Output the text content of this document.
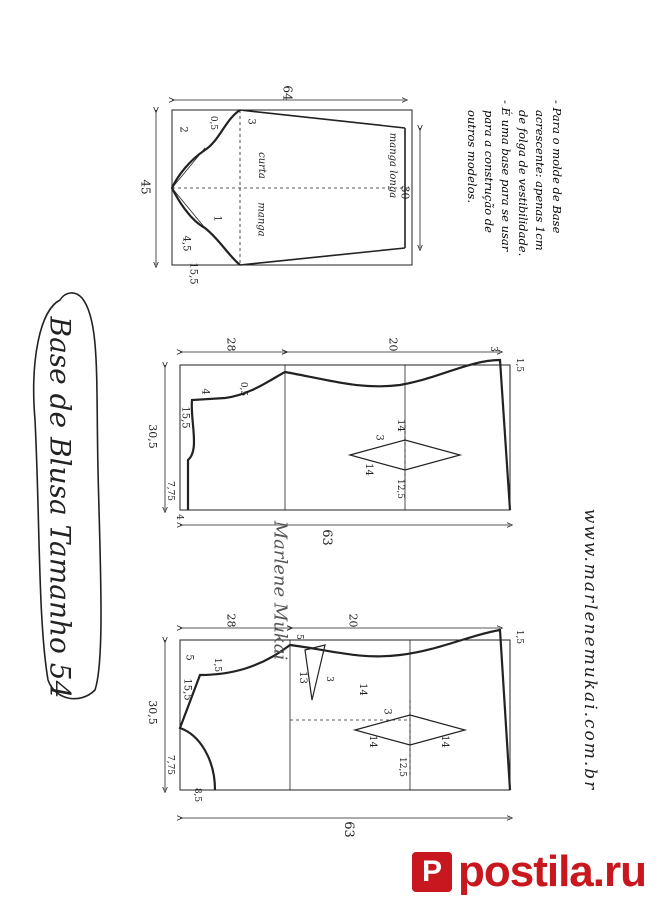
Base de Blusa Tamanho 54	www.marlenemukai.com.br
Marlene Mukai
- Para o molde de Base
acrescente: apenas 1cm
de folga de vestibilidade.
- É uma base para se usar
para a construção de
outros modelos.
64
45
15,5
4,5
2 0,5
1
3
curta
manga
manga longa 30
63
30,5
28	20
4
7,75
15,5
4	0,5
3
14
14
12,5
1,5
3
63
30,5
28	20
8,5
7,75
15,5
5
1,5
5
13 3
14
3
14	14
12,5
1,5
P postila.ru
